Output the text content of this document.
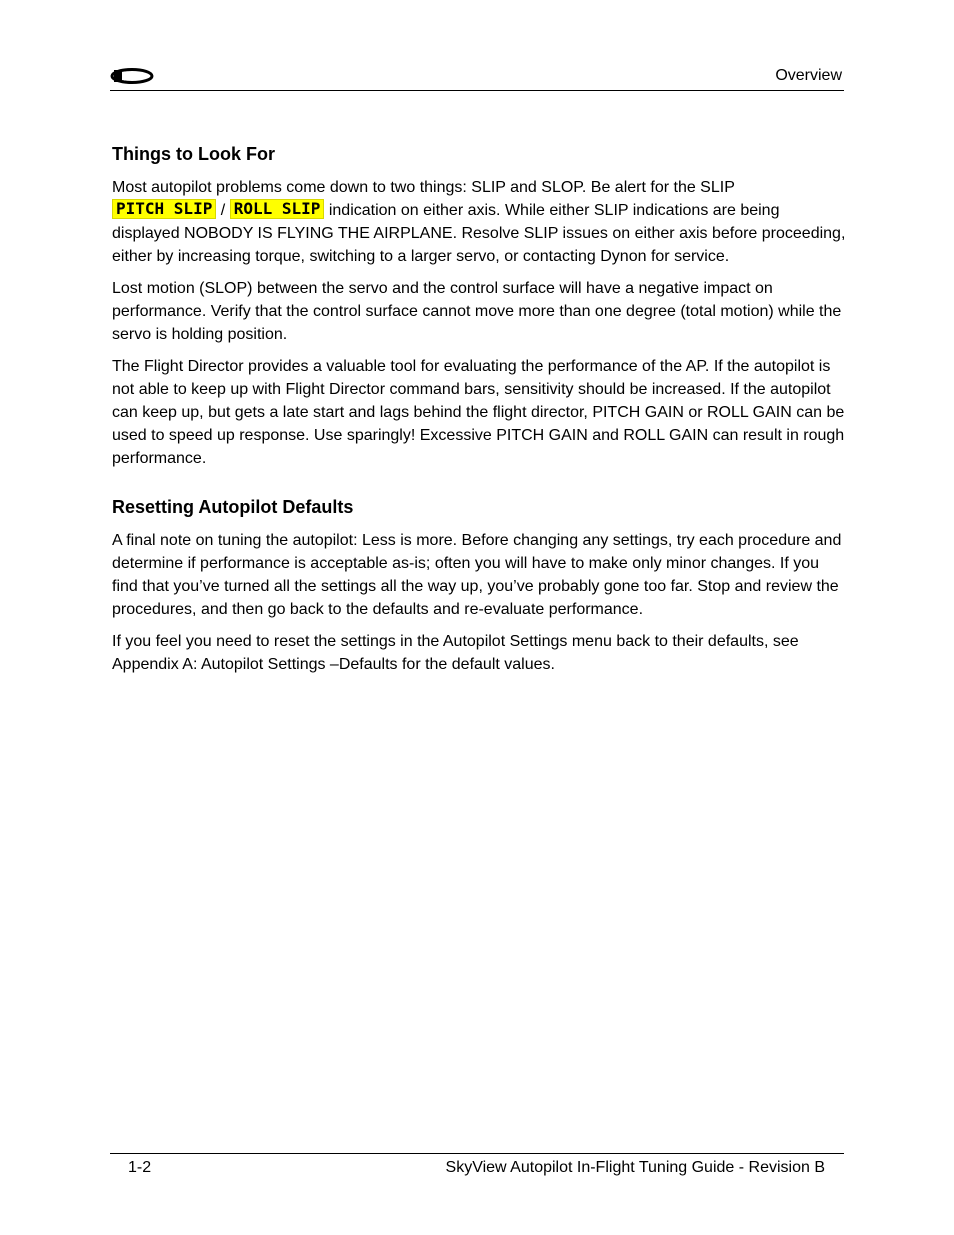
Overview
Things to Look For

Most autopilot problems come down to two things: SLIP and SLOP. Be alert for the SLIP
PITCH SLIP / ROLL SLIP indication on either axis. While either SLIP indications are being displayed NOBODY IS FLYING THE AIRPLANE. Resolve SLIP issues on either axis before proceeding, either by increasing torque, switching to a larger servo, or contacting Dynon for service.

Lost motion (SLOP) between the servo and the control surface will have a negative impact on performance. Verify that the control surface cannot move more than one degree (total motion) while the servo is holding position.

The Flight Director provides a valuable tool for evaluating the performance of the AP. If the autopilot is not able to keep up with Flight Director command bars, sensitivity should be increased. If the autopilot can keep up, but gets a late start and lags behind the flight director, PITCH GAIN or ROLL GAIN can be used to speed up response. Use sparingly! Excessive PITCH GAIN and ROLL GAIN can result in rough performance.

Resetting Autopilot Defaults

A final note on tuning the autopilot: Less is more. Before changing any settings, try each procedure and determine if performance is acceptable as-is; often you will have to make only minor changes. If you find that you’ve turned all the settings all the way up, you’ve probably gone too far. Stop and review the procedures, and then go back to the defaults and re-evaluate performance.

If you feel you need to reset the settings in the Autopilot Settings menu back to their defaults, see Appendix A: Autopilot Settings –Defaults for the default values.

1-2	SkyView Autopilot In-Flight Tuning Guide - Revision B
